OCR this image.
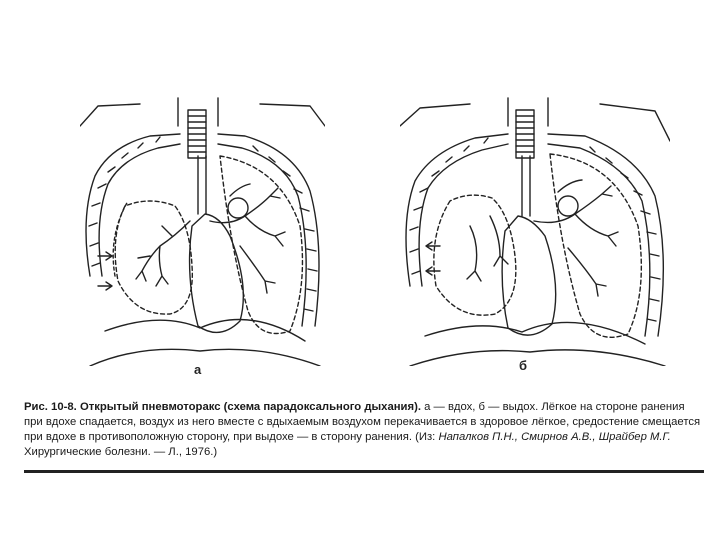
а	б
Рис. 10-8. Открытый пневмоторакс (схема парадоксального дыхания). а — вдох, б — выдох. Лёгкое на стороне ранения при вдохе спадается, воздух из него вместе с вдыхаемым воздухом перекачивается в здоровое лёгкое, средостение смещается при вдохе в противоположную сторону, при выдохе — в сторону ранения. (Из: Напалков П.Н., Смирнов А.В., Шрайбер М.Г. Хирургические болезни. — Л., 1976.)
